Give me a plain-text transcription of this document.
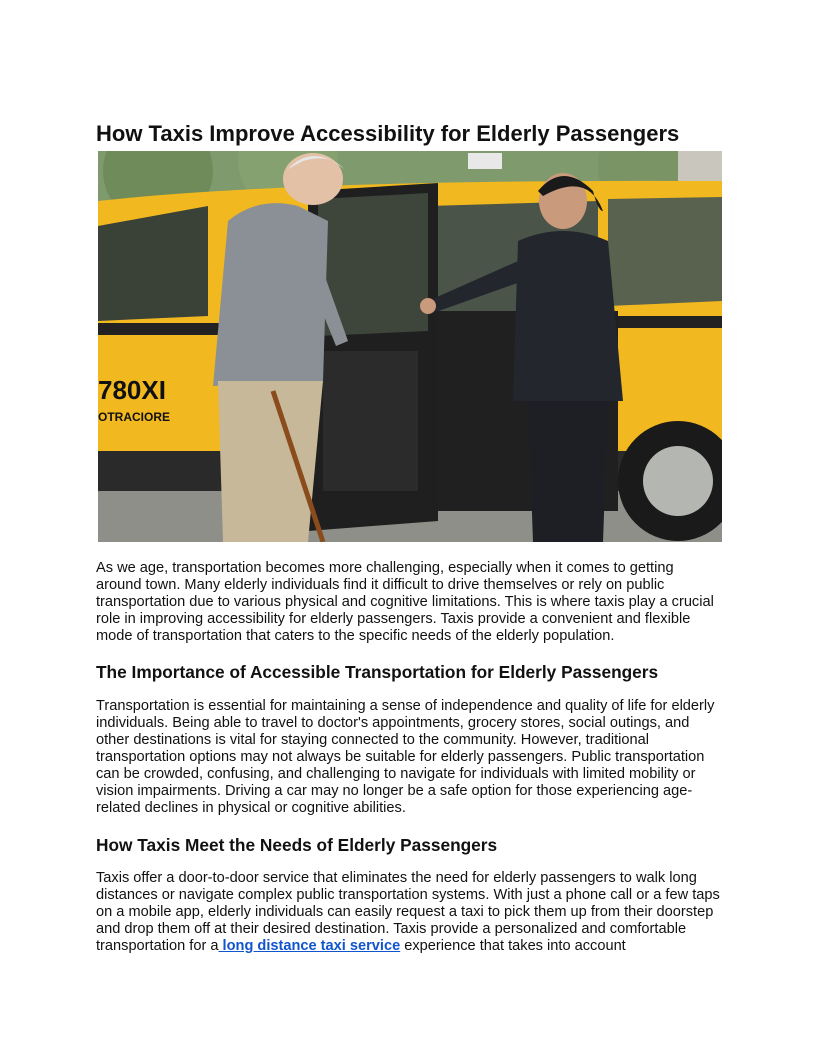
How Taxis Improve Accessibility for Elderly Passengers
780XI
OTRACIORE

As we age, transportation becomes more challenging, especially when it comes to getting around town. Many elderly individuals find it difficult to drive themselves or rely on public transportation due to various physical and cognitive limitations. This is where taxis play a crucial role in improving accessibility for elderly passengers. Taxis provide a convenient and flexible mode of transportation that caters to the specific needs of the elderly population.

The Importance of Accessible Transportation for Elderly Passengers

Transportation is essential for maintaining a sense of independence and quality of life for elderly individuals. Being able to travel to doctor's appointments, grocery stores, social outings, and other destinations is vital for staying connected to the community. However, traditional transportation options may not always be suitable for elderly passengers. Public transportation can be crowded, confusing, and challenging to navigate for individuals with limited mobility or vision impairments. Driving a car may no longer be a safe option for those experiencing age-related declines in physical or cognitive abilities.

How Taxis Meet the Needs of Elderly Passengers

Taxis offer a door-to-door service that eliminates the need for elderly passengers to walk long distances or navigate complex public transportation systems. With just a phone call or a few taps on a mobile app, elderly individuals can easily request a taxi to pick them up from their doorstep and drop them off at their desired destination. Taxis provide a personalized and comfortable transportation for a long distance taxi service experience that takes into account
